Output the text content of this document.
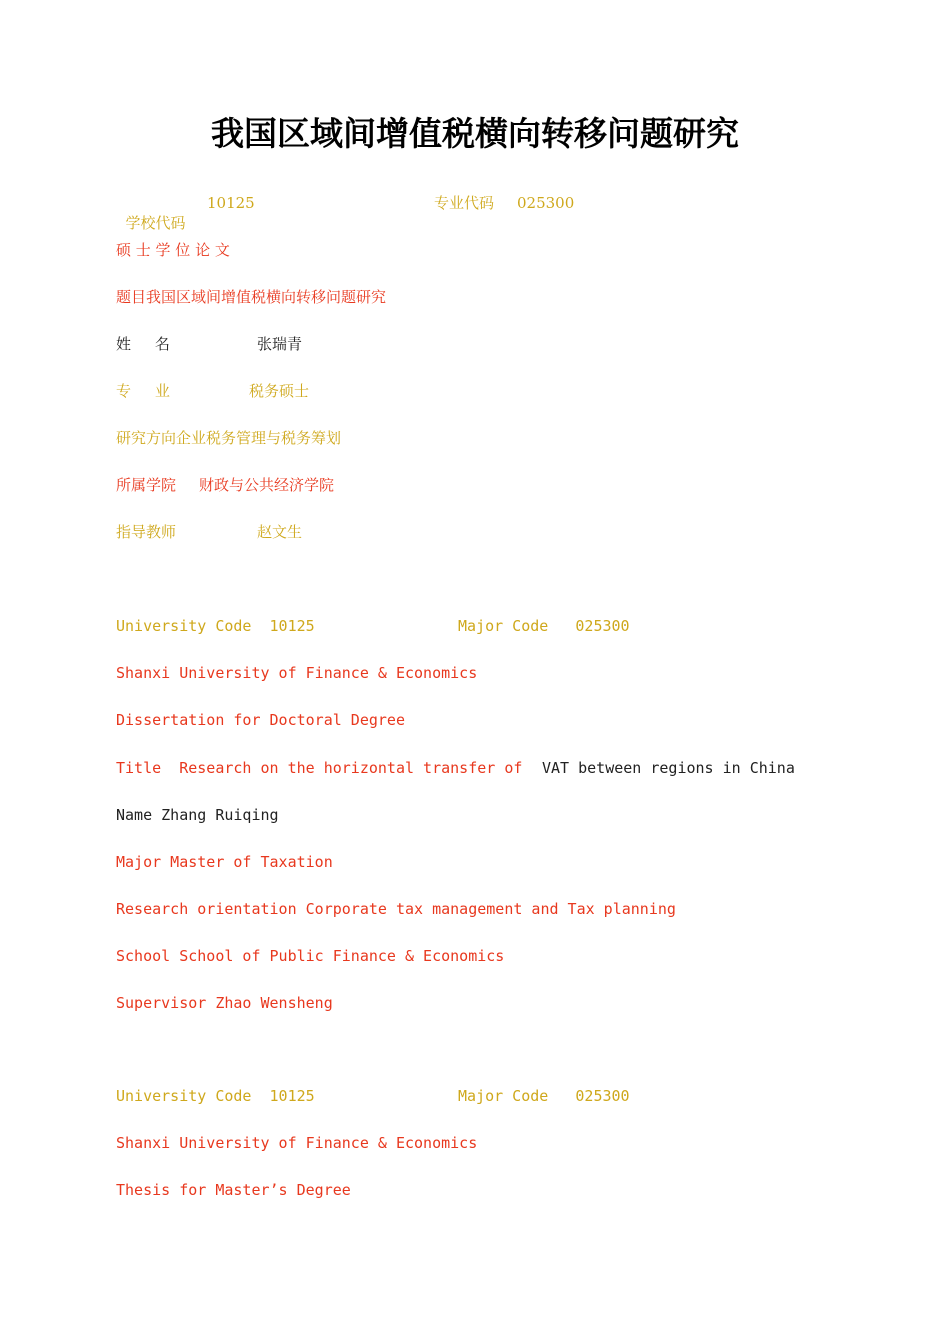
我国区域间增值税横向转移问题研究

学校代码

10125	专业代码 025300
硕 士 学 位 论 文
题目我国区域间增值税横向转移问题研究
姓     名	张瑞青
专     业	税务硕士
研究方向企业税务管理与税务筹划
所属学院 财政与公共经济学院
指导教师	赵文生
University Code  10125	Major Code   025300
Shanxi University of Finance & Economics
Dissertation for Doctoral Degree
Title  Research on the horizontal transfer of VAT between regions in China
Name Zhang Ruiqing
Major Master of Taxation
Research orientation Corporate tax management and Tax planning
School School of Public Finance & Economics
Supervisor Zhao Wensheng
University Code  10125	Major Code   025300
Shanxi University of Finance & Economics
Thesis for Master’s Degree
